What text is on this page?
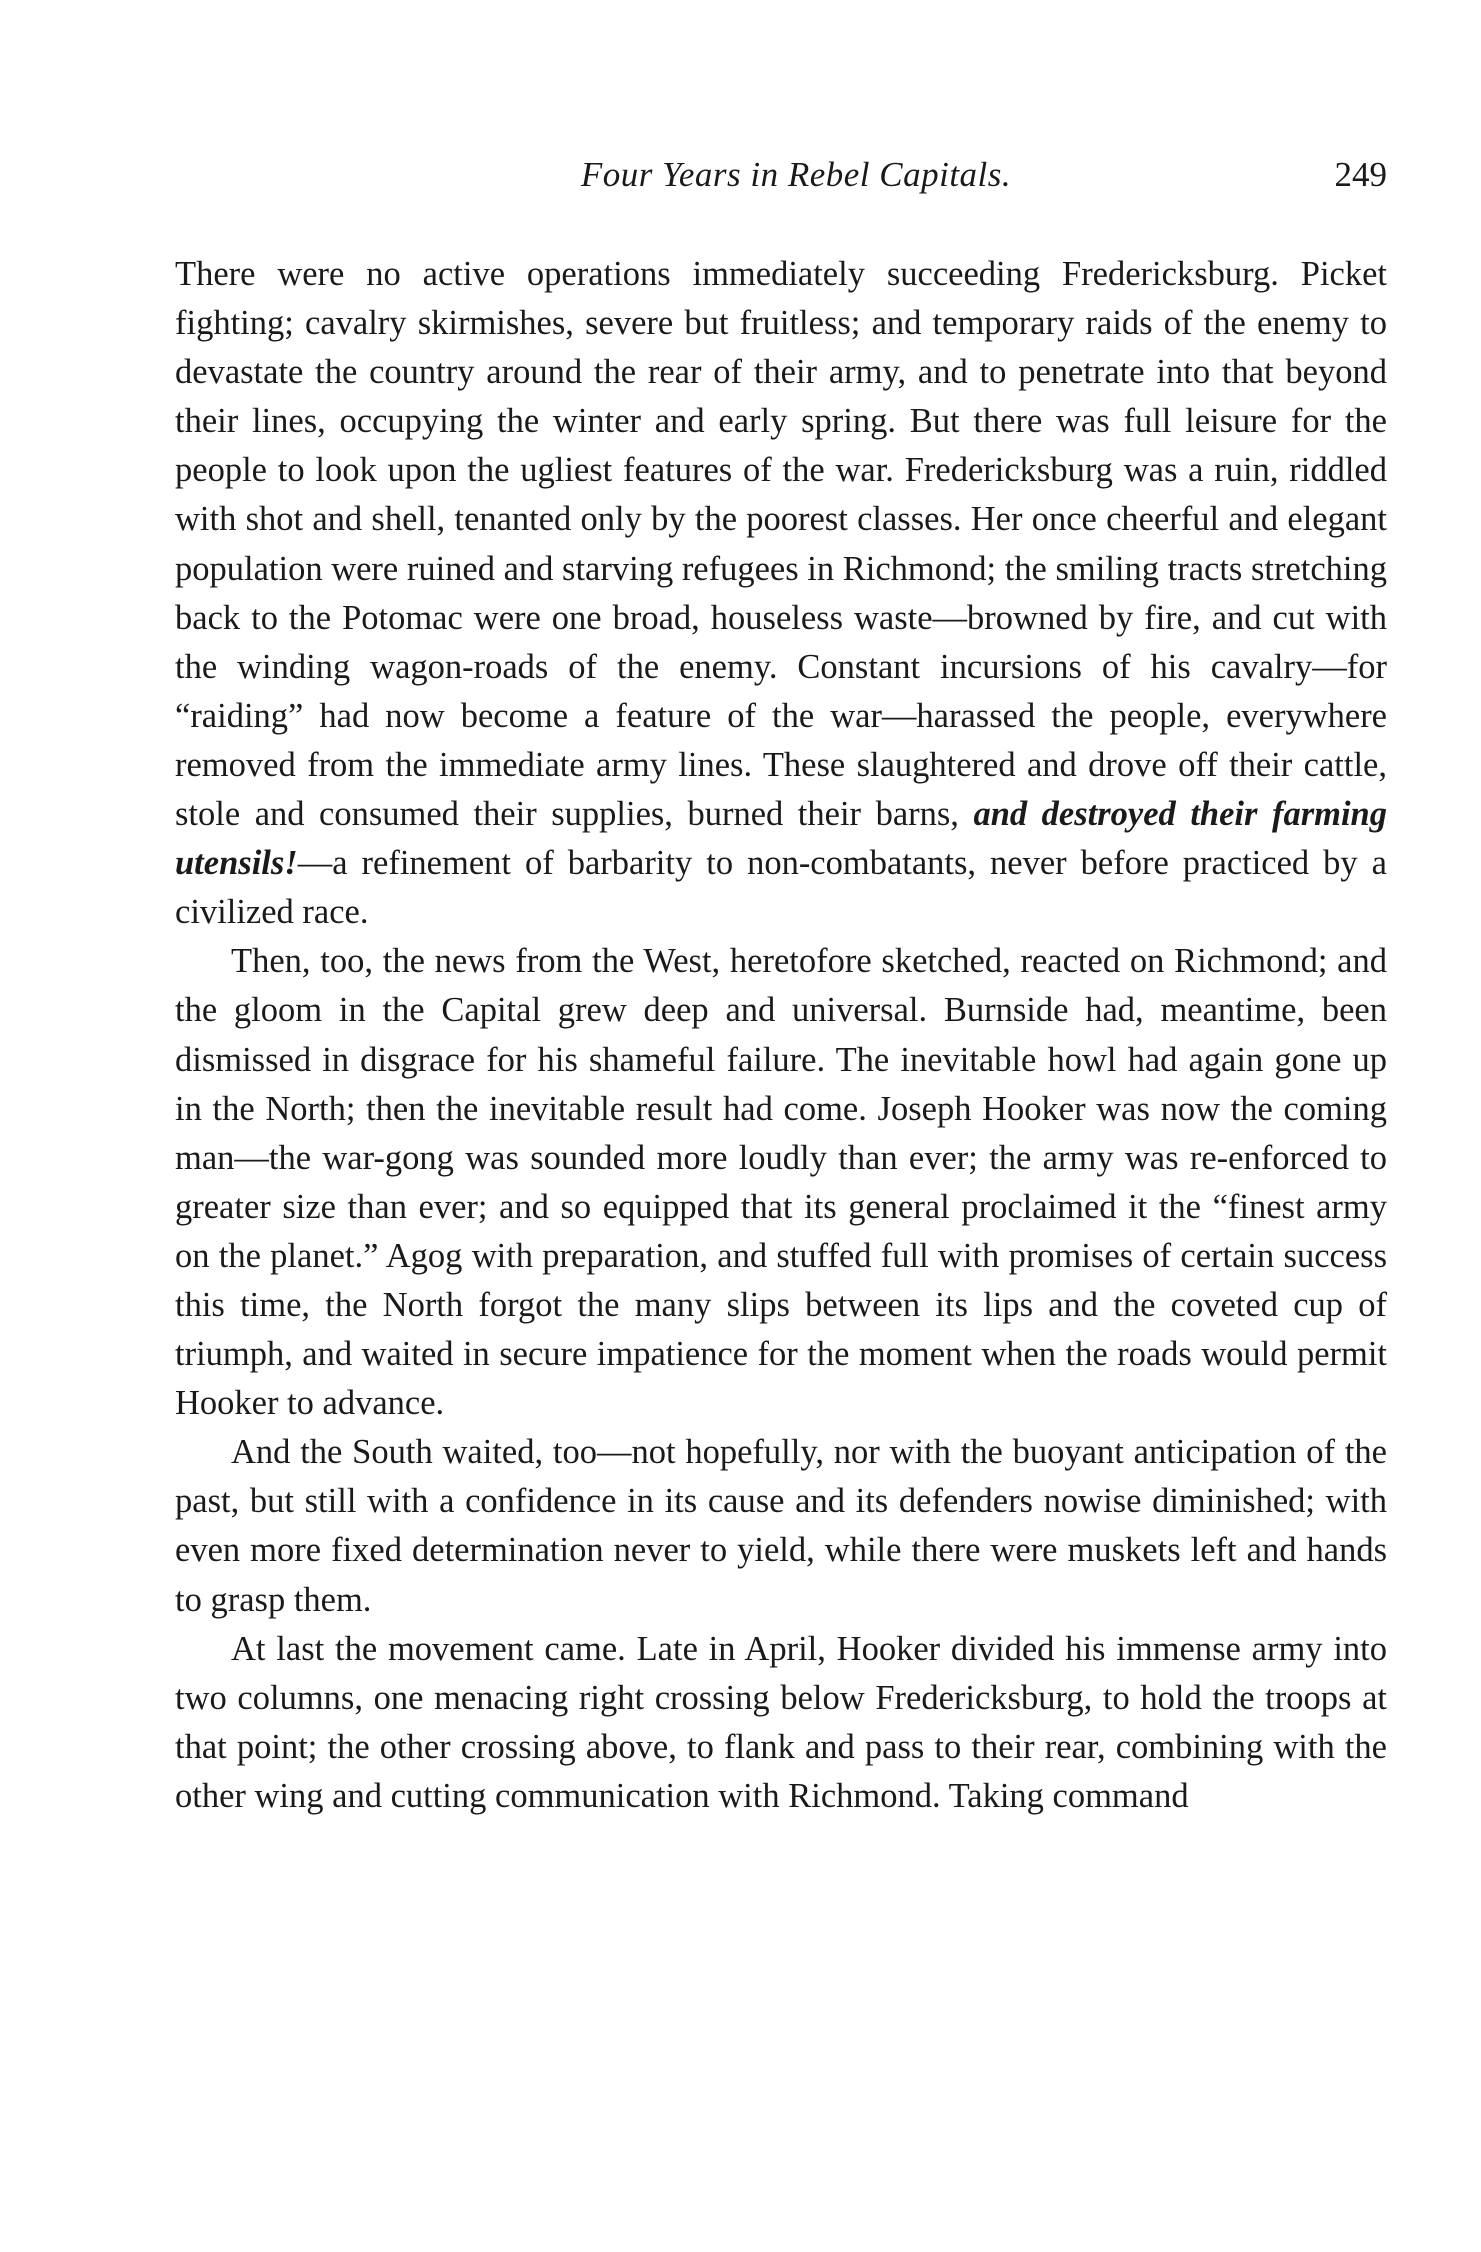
Four Years in Rebel Capitals.	249

There were no active operations immediately succeeding Fredericksburg. Picket fighting; cavalry skirmishes, severe but fruitless; and temporary raids of the enemy to devastate the country around the rear of their army, and to penetrate into that beyond their lines, occupying the winter and early spring. But there was full leisure for the people to look upon the ugliest features of the war. Fredericksburg was a ruin, riddled with shot and shell, tenanted only by the poorest classes. Her once cheerful and elegant population were ruined and starving refugees in Richmond; the smiling tracts stretching back to the Potomac were one broad, houseless waste—browned by fire, and cut with the winding wagon-roads of the enemy. Constant incursions of his cavalry—for “raiding” had now become a feature of the war—harassed the people, everywhere removed from the immediate army lines. These slaughtered and drove off their cattle, stole and consumed their supplies, burned their barns, and destroyed their farming utensils!—a refinement of barbarity to non-combatants, never before practiced by a civilized race.

Then, too, the news from the West, heretofore sketched, reacted on Richmond; and the gloom in the Capital grew deep and universal. Burnside had, meantime, been dismissed in disgrace for his shameful failure. The inevitable howl had again gone up in the North; then the inevitable result had come. Joseph Hooker was now the coming man—the war-gong was sounded more loudly than ever; the army was re-enforced to greater size than ever; and so equipped that its general proclaimed it the “finest army on the planet.” Agog with preparation, and stuffed full with promises of certain success this time, the North forgot the many slips between its lips and the coveted cup of triumph, and waited in secure impatience for the moment when the roads would permit Hooker to advance.

And the South waited, too—not hopefully, nor with the buoyant anticipation of the past, but still with a confidence in its cause and its defenders nowise diminished; with even more fixed determination never to yield, while there were muskets left and hands to grasp them.

At last the movement came. Late in April, Hooker divided his immense army into two columns, one menacing right crossing below Fredericksburg, to hold the troops at that point; the other crossing above, to flank and pass to their rear, combining with the other wing and cutting communication with Richmond. Taking command
